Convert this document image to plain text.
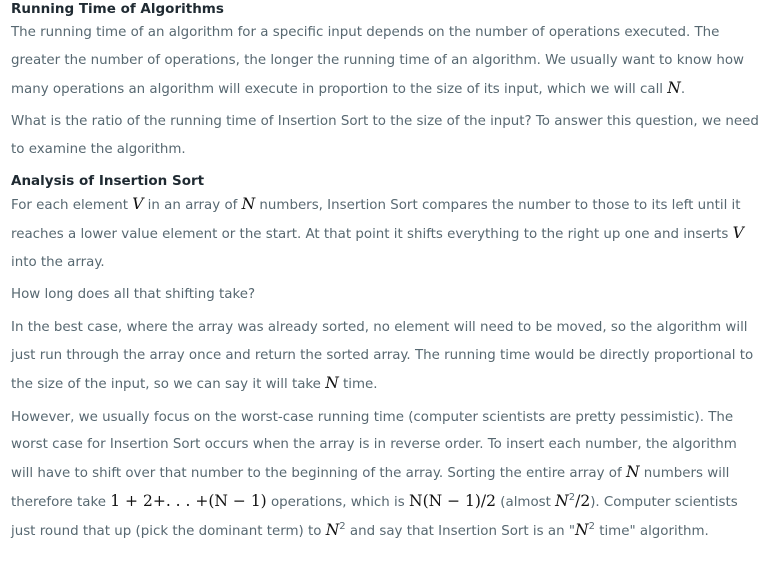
Running Time of Algorithms

The running time of an algorithm for a specific input depends on the number of operations executed. The greater the number of operations, the longer the running time of an algorithm. We usually want to know how many operations an algorithm will execute in proportion to the size of its input, which we will call N.

What is the ratio of the running time of Insertion Sort to the size of the input? To answer this question, we need to examine the algorithm.

Analysis of Insertion Sort

For each element V in an array of N numbers, Insertion Sort compares the number to those to its left until it reaches a lower value element or the start. At that point it shifts everything to the right up one and inserts V into the array.

How long does all that shifting take?

In the best case, where the array was already sorted, no element will need to be moved, so the algorithm will just run through the array once and return the sorted array. The running time would be directly proportional to the size of the input, so we can say it will take N time.

However, we usually focus on the worst-case running time (computer scientists are pretty pessimistic). The worst case for Insertion Sort occurs when the array is in reverse order. To insert each number, the algorithm will have to shift over that number to the beginning of the array. Sorting the entire array of N numbers will therefore take 1 + 2+. . . +(N − 1) operations, which is N(N − 1)/2 (almost $N^2/2$). Computer scientists just round that up (pick the dominant term) to $N^2$ and say that Insertion Sort is an "$N^2$ time" algorithm.
